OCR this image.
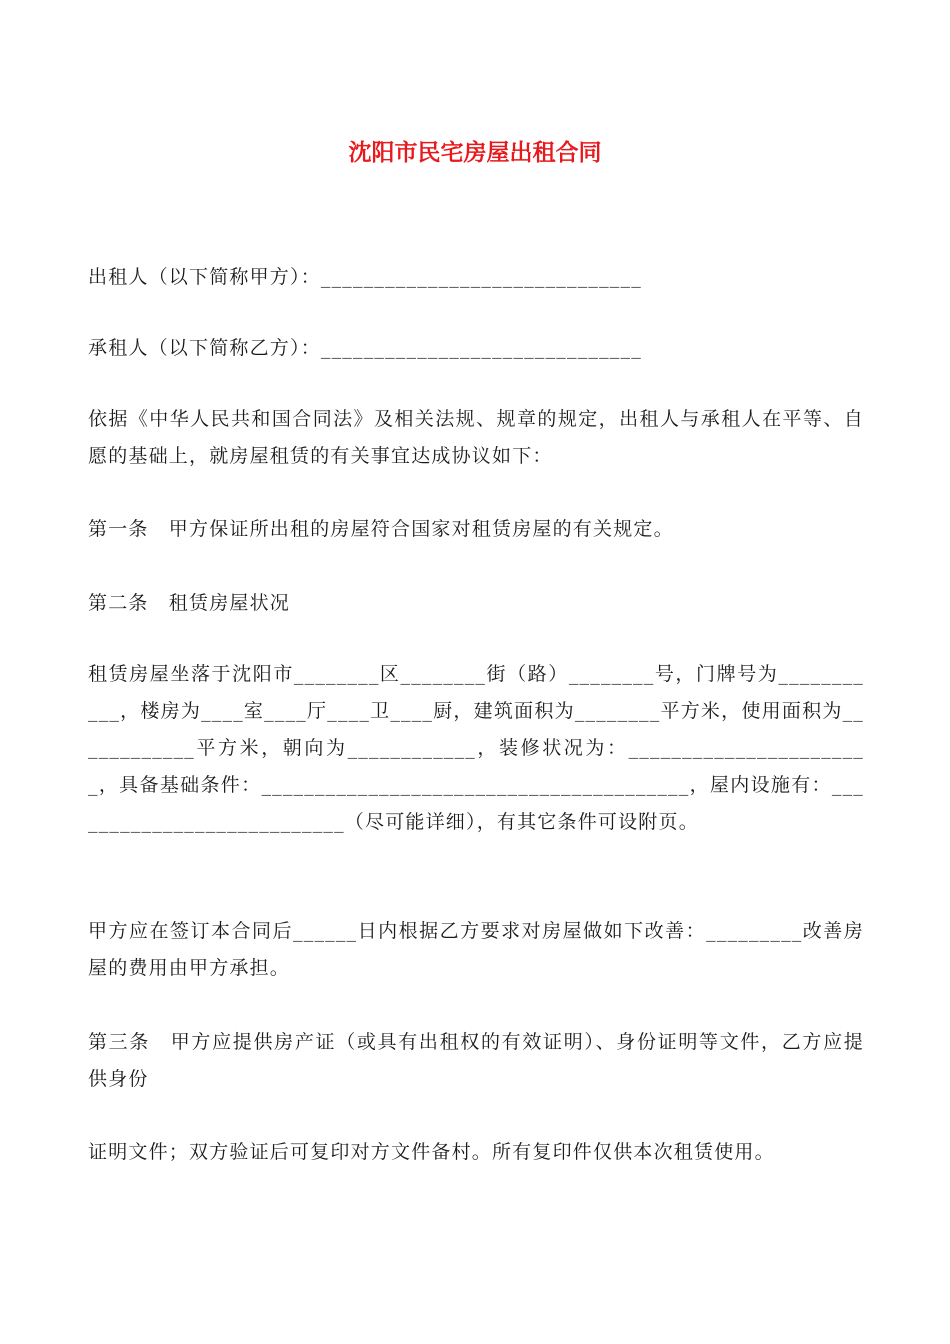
沈阳市民宅房屋出租合同

出租人（以下简称甲方）：______________________________

承租人（以下简称乙方）：______________________________

依据《中华人民共和国合同法》及相关法规、规章的规定，出租人与承租人在平等、自愿的基础上，就房屋租赁的有关事宜达成协议如下：

第一条　甲方保证所出租的房屋符合国家对租赁房屋的有关规定。

第二条　租赁房屋状况

租赁房屋坐落于沈阳市________区________街（路）________号，门牌号为___________，楼房为____室____厅____卫____厨，建筑面积为________平方米，使用面积为____________平方米，朝向为____________，装修状况为：_______________________，具备基础条件：________________________________________，屋内设施有：___________________________（尽可能详细），有其它条件可设附页。

甲方应在签订本合同后______日内根据乙方要求对房屋做如下改善：_________改善房屋的费用由甲方承担。

第三条　甲方应提供房产证（或具有出租权的有效证明）、身份证明等文件，乙方应提供身份

证明文件；双方验证后可复印对方文件备村。所有复印件仅供本次租赁使用。
